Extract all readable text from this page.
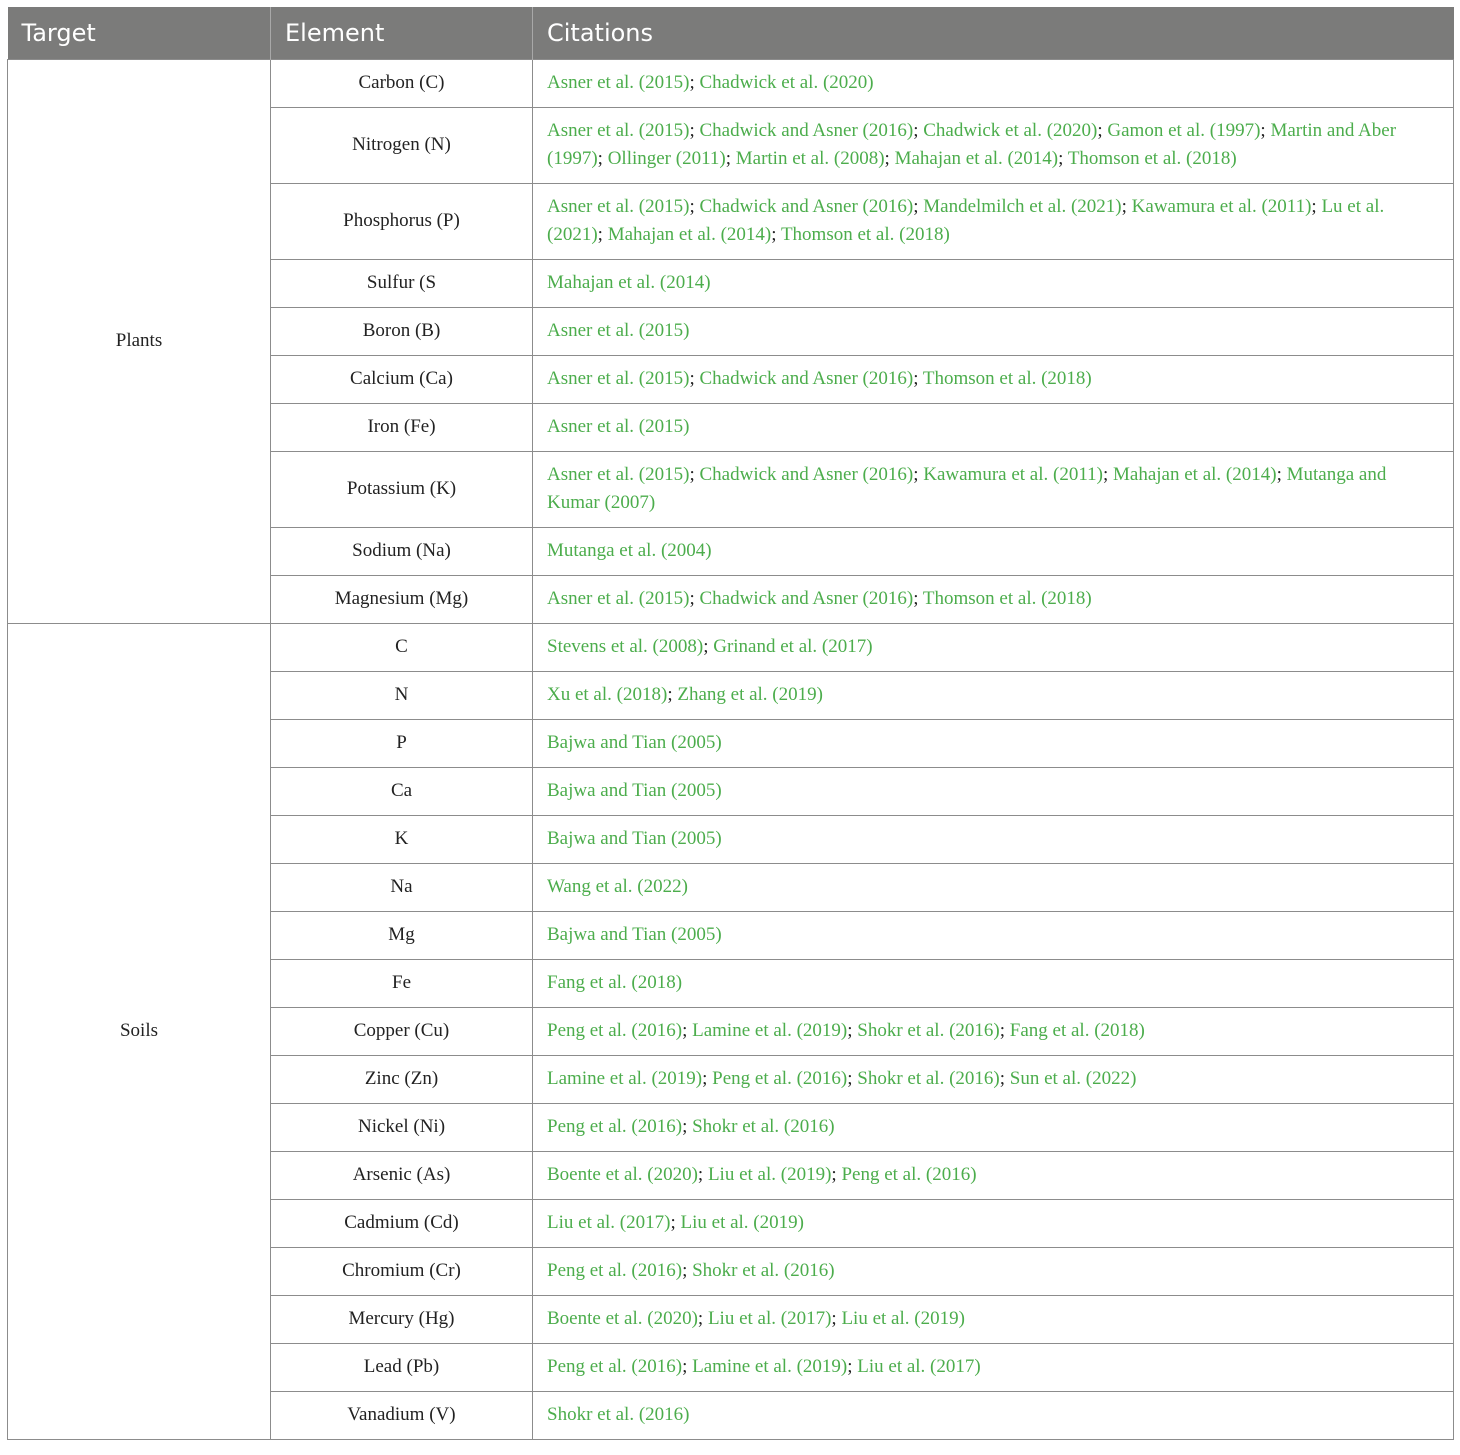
Target	Element	Citations
Plants	Carbon (C)	Asner et al. (2015); Chadwick et al. (2020)
	Nitrogen (N)	Asner et al. (2015); Chadwick and Asner (2016); Chadwick et al. (2020); Gamon et al. (1997); Martin and Aber (1997); Ollinger (2011); Martin et al. (2008); Mahajan et al. (2014); Thomson et al. (2018)
	Phosphorus (P)	Asner et al. (2015); Chadwick and Asner (2016); Mandelmilch et al. (2021); Kawamura et al. (2011); Lu et al. (2021); Mahajan et al. (2014); Thomson et al. (2018)
	Sulfur (S	Mahajan et al. (2014)
	Boron (B)	Asner et al. (2015)
	Calcium (Ca)	Asner et al. (2015); Chadwick and Asner (2016); Thomson et al. (2018)
	Iron (Fe)	Asner et al. (2015)
	Potassium (K)	Asner et al. (2015); Chadwick and Asner (2016); Kawamura et al. (2011); Mahajan et al. (2014); Mutanga and Kumar (2007)
	Sodium (Na)	Mutanga et al. (2004)
	Magnesium (Mg)	Asner et al. (2015); Chadwick and Asner (2016); Thomson et al. (2018)
Soils	C	Stevens et al. (2008); Grinand et al. (2017)
	N	Xu et al. (2018); Zhang et al. (2019)
	P	Bajwa and Tian (2005)
	Ca	Bajwa and Tian (2005)
	K	Bajwa and Tian (2005)
	Na	Wang et al. (2022)
	Mg	Bajwa and Tian (2005)
	Fe	Fang et al. (2018)
	Copper (Cu)	Peng et al. (2016); Lamine et al. (2019); Shokr et al. (2016); Fang et al. (2018)
	Zinc (Zn)	Lamine et al. (2019); Peng et al. (2016); Shokr et al. (2016); Sun et al. (2022)
	Nickel (Ni)	Peng et al. (2016); Shokr et al. (2016)
	Arsenic (As)	Boente et al. (2020); Liu et al. (2019); Peng et al. (2016)
	Cadmium (Cd)	Liu et al. (2017); Liu et al. (2019)
	Chromium (Cr)	Peng et al. (2016); Shokr et al. (2016)
	Mercury (Hg)	Boente et al. (2020); Liu et al. (2017); Liu et al. (2019)
	Lead (Pb)	Peng et al. (2016); Lamine et al. (2019); Liu et al. (2017)
	Vanadium (V)	Shokr et al. (2016)
